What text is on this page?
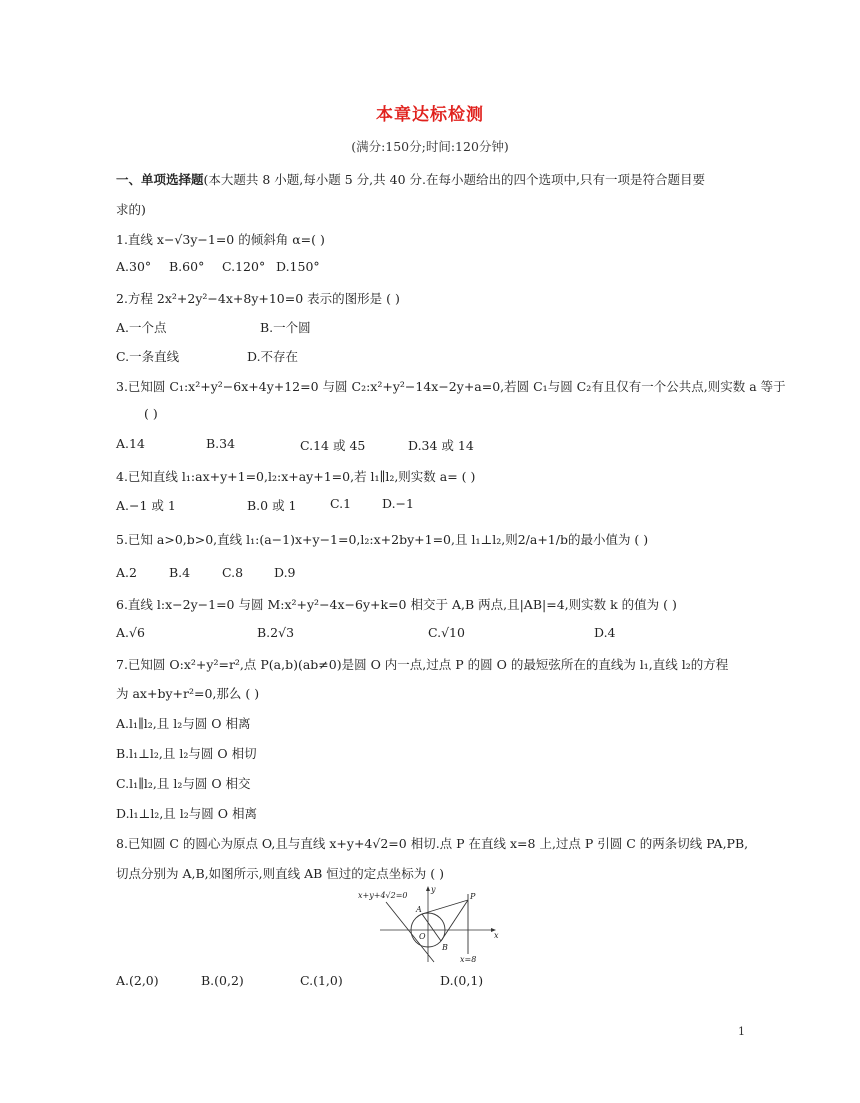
本章达标检测
(满分:150分;时间:120分钟)
一、单项选择题(本大题共 8 小题,每小题 5 分,共 40 分.在每小题给出的四个选项中,只有一项是符合题目要
求的)
1.直线 x−√3y−1=0 的倾斜角 α=( )
A.30° B.60° C.120° D.150°
2.方程 2x²+2y²−4x+8y+10=0 表示的图形是 ( )
A.一个点	B.一个圆
C.一条直线	D.不存在
3.已知圆 C₁:x²+y²−6x+4y+12=0 与圆 C₂:x²+y²−14x−2y+a=0,若圆 C₁与圆 C₂有且仅有一个公共点,则实数 a 等于
( )
A.14	B.34	C.14 或 45	D.34 或 14
4.已知直线 l₁:ax+y+1=0,l₂:x+ay+1=0,若 l₁∥l₂,则实数 a= ( )
A.−1 或 1	B.0 或 1	C.1 D.−1
5.已知 a>0,b>0,直线 l₁:(a−1)x+y−1=0,l₂:x+2by+1=0,且 l₁⊥l₂,则2/a+1/b的最小值为 ( )
A.2	B.4	C.8 D.9
6.直线 l:x−2y−1=0 与圆 M:x²+y²−4x−6y+k=0 相交于 A,B 两点,且|AB|=4,则实数 k 的值为 ( )
A.√6	B.2√3	C.√10	D.4
7.已知圆 O:x²+y²=r²,点 P(a,b)(ab≠0)是圆 O 内一点,过点 P 的圆 O 的最短弦所在的直线为 l₁,直线 l₂的方程
为 ax+by+r²=0,那么 ( )
A.l₁∥l₂,且 l₂与圆 O 相离
B.l₁⊥l₂,且 l₂与圆 O 相切
C.l₁∥l₂,且 l₂与圆 O 相交
D.l₁⊥l₂,且 l₂与圆 O 相离
8.已知圆 C 的圆心为原点 O,且与直线 x+y+4√2=0 相切.点 P 在直线 x=8 上,过点 P 引圆 C 的两条切线 PA,PB,
切点分别为 A,B,如图所示,则直线 AB 恒过的定点坐标为 ( )
x+y+4√2=0
A
B
O
P
x
y
x=8
A.(2,0)	B.(0,2)	C.(1,0)	D.(0,1)
1
